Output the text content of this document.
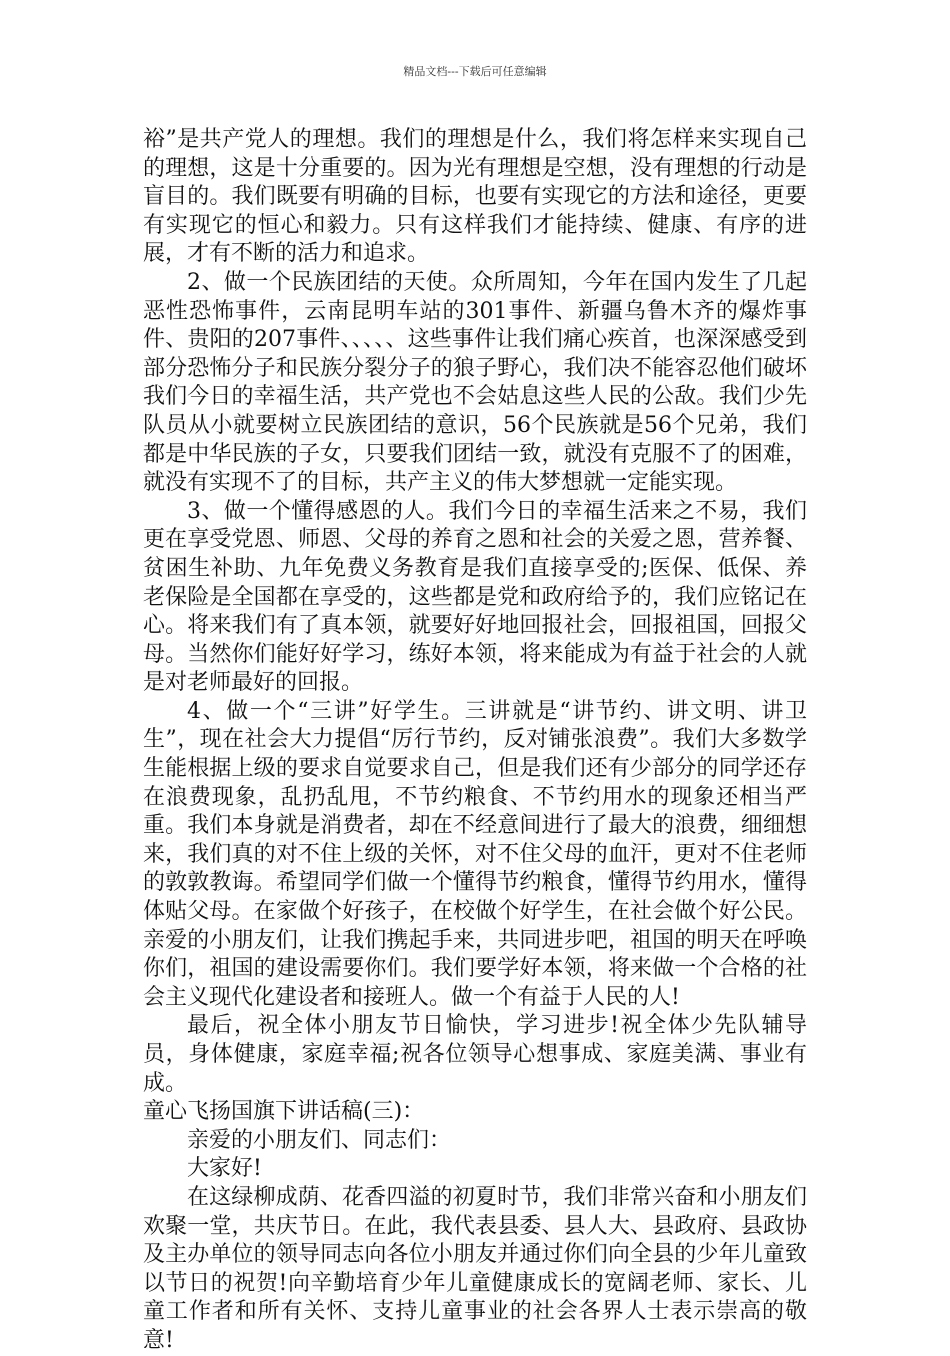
精品文档---下载后可任意编辑

裕”是共产党人的理想。我们的理想是什么，我们将怎样来实现自己的理想，这是十分重要的。因为光有理想是空想，没有理想的行动是盲目的。我们既要有明确的目标，也要有实现它的方法和途径，更要有实现它的恒心和毅力。只有这样我们才能持续、健康、有序的进展，才有不断的活力和追求。

2、做一个民族团结的天使。众所周知，今年在国内发生了几起恶性恐怖事件，云南昆明车站的301事件、新疆乌鲁木齐的爆炸事件、贵阳的207事件、、、、、这些事件让我们痛心疾首，也深深感受到部分恐怖分子和民族分裂分子的狼子野心，我们决不能容忍他们破坏我们今日的幸福生活，共产党也不会姑息这些人民的公敌。我们少先队员从小就要树立民族团结的意识，56个民族就是56个兄弟，我们都是中华民族的子女，只要我们团结一致，就没有克服不了的困难，就没有实现不了的目标，共产主义的伟大梦想就一定能实现。

3、做一个懂得感恩的人。我们今日的幸福生活来之不易，我们更在享受党恩、师恩、父母的养育之恩和社会的关爱之恩，营养餐、贫困生补助、九年免费义务教育是我们直接享受的;医保、低保、养老保险是全国都在享受的，这些都是党和政府给予的，我们应铭记在心。将来我们有了真本领，就要好好地回报社会，回报祖国，回报父母。当然你们能好好学习，练好本领，将来能成为有益于社会的人就是对老师最好的回报。

4、做一个“三讲”好学生。三讲就是“讲节约、讲文明、讲卫生”，现在社会大力提倡“厉行节约，反对铺张浪费”。我们大多数学生能根据上级的要求自觉要求自己，但是我们还有少部分的同学还存在浪费现象，乱扔乱甩，不节约粮食、不节约用水的现象还相当严重。我们本身就是消费者，却在不经意间进行了最大的浪费，细细想来，我们真的对不住上级的关怀，对不住父母的血汗，更对不住老师的敦敦教诲。希望同学们做一个懂得节约粮食，懂得节约用水，懂得体贴父母。在家做个好孩子，在校做个好学生，在社会做个好公民。 亲爱的小朋友们，让我们携起手来，共同进步吧，祖国的明天在呼唤你们，祖国的建设需要你们。我们要学好本领，将来做一个合格的社会主义现代化建设者和接班人。做一个有益于人民的人!

最后，祝全体小朋友节日愉快，学习进步!祝全体少先队辅导员，身体健康，家庭幸福;祝各位领导心想事成、家庭美满、事业有成。

童心飞扬国旗下讲话稿(三)：

亲爱的小朋友们、同志们：

大家好!

在这绿柳成荫、花香四溢的初夏时节，我们非常兴奋和小朋友们欢聚一堂，共庆节日。在此，我代表县委、县人大、县政府、县政协及主办单位的领导同志向各位小朋友并通过你们向全县的少年儿童致以节日的祝贺!向辛勤培育少年儿童健康成长的宽阔老师、家长、儿童工作者和所有关怀、支持儿童事业的社会各界人士表示崇高的敬意!
